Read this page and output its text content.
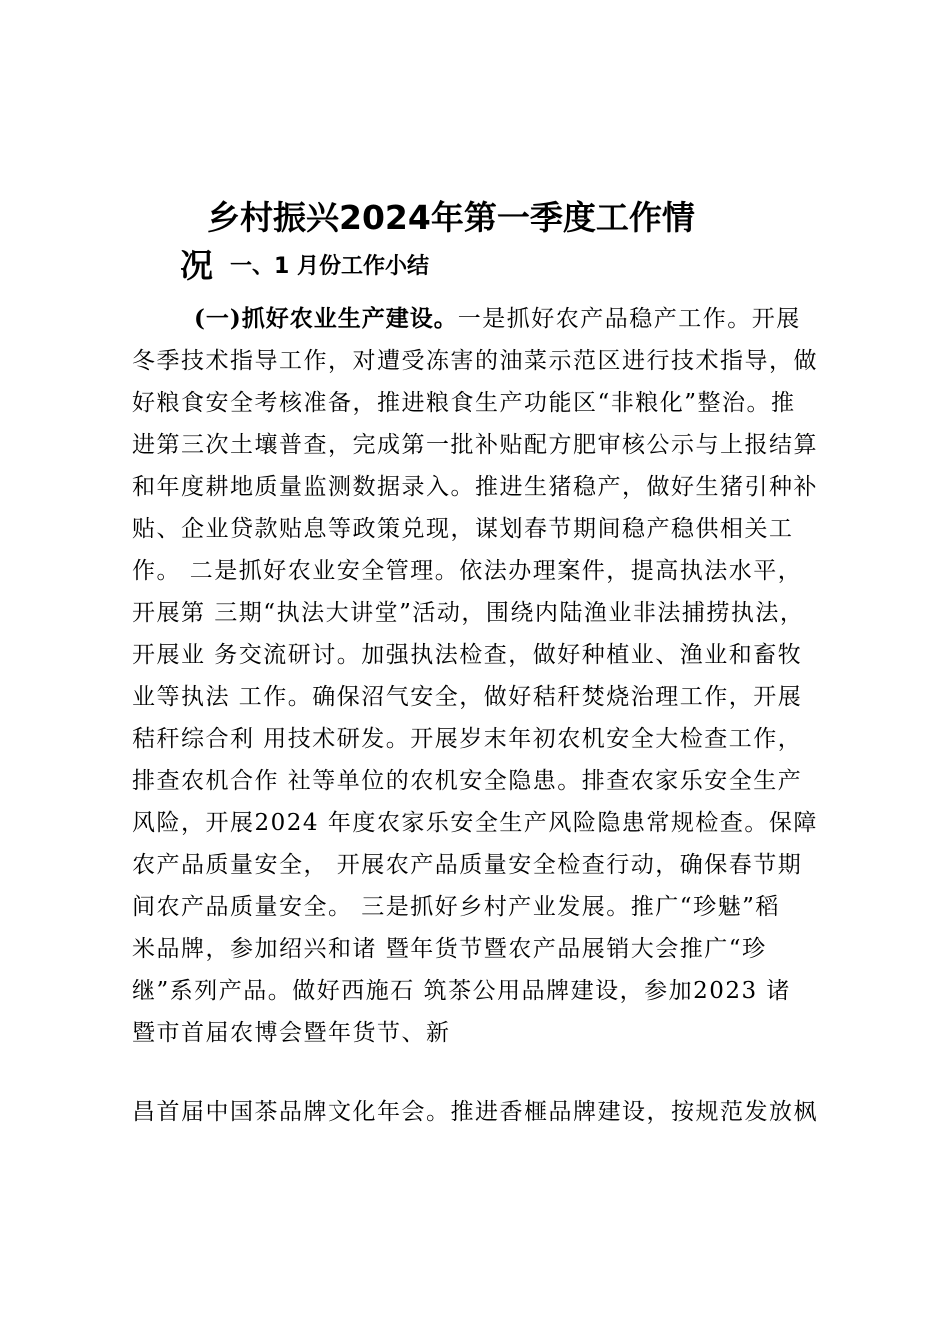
乡村振兴2024年第一季度工作情
况 一、1 月份工作小结
(一)抓好农业生产建设。一是抓好农产品稳产工作。开展
冬季技术指导工作，对遭受冻害的油菜示范区进行技术指导，做
好粮食安全考核准备，推进粮食生产功能区“非粮化”整治。推
进第三次土壤普查，完成第一批补贴配方肥审核公示与上报结算
和年度耕地质量监测数据录入。推进生猪稳产，做好生猪引种补
贴、企业贷款贴息等政策兑现，谋划春节期间稳产稳供相关工
作。 二是抓好农业安全管理。依法办理案件，提高执法水平，
开展第 三期“执法大讲堂”活动，围绕内陆渔业非法捕捞执法，
开展业 务交流研讨。加强执法检查，做好种植业、渔业和畜牧
业等执法 工作。确保沼气安全，做好秸秆焚烧治理工作，开展
秸秆综合利 用技术研发。开展岁末年初农机安全大检查工作，
排查农机合作 社等单位的农机安全隐患。排查农家乐安全生产
风险，开展2024 年度农家乐安全生产风险隐患常规检查。保障
农产品质量安全， 开展农产品质量安全检查行动，确保春节期
间农产品质量安全。 三是抓好乡村产业发展。推广“珍魅”稻
米品牌，参加绍兴和诸 暨年货节暨农产品展销大会推广“珍
继”系列产品。做好西施石 筑茶公用品牌建设，参加2023 诸
暨市首届农博会暨年货节、新
昌首届中国茶品牌文化年会。推进香榧品牌建设，按规范发放枫
